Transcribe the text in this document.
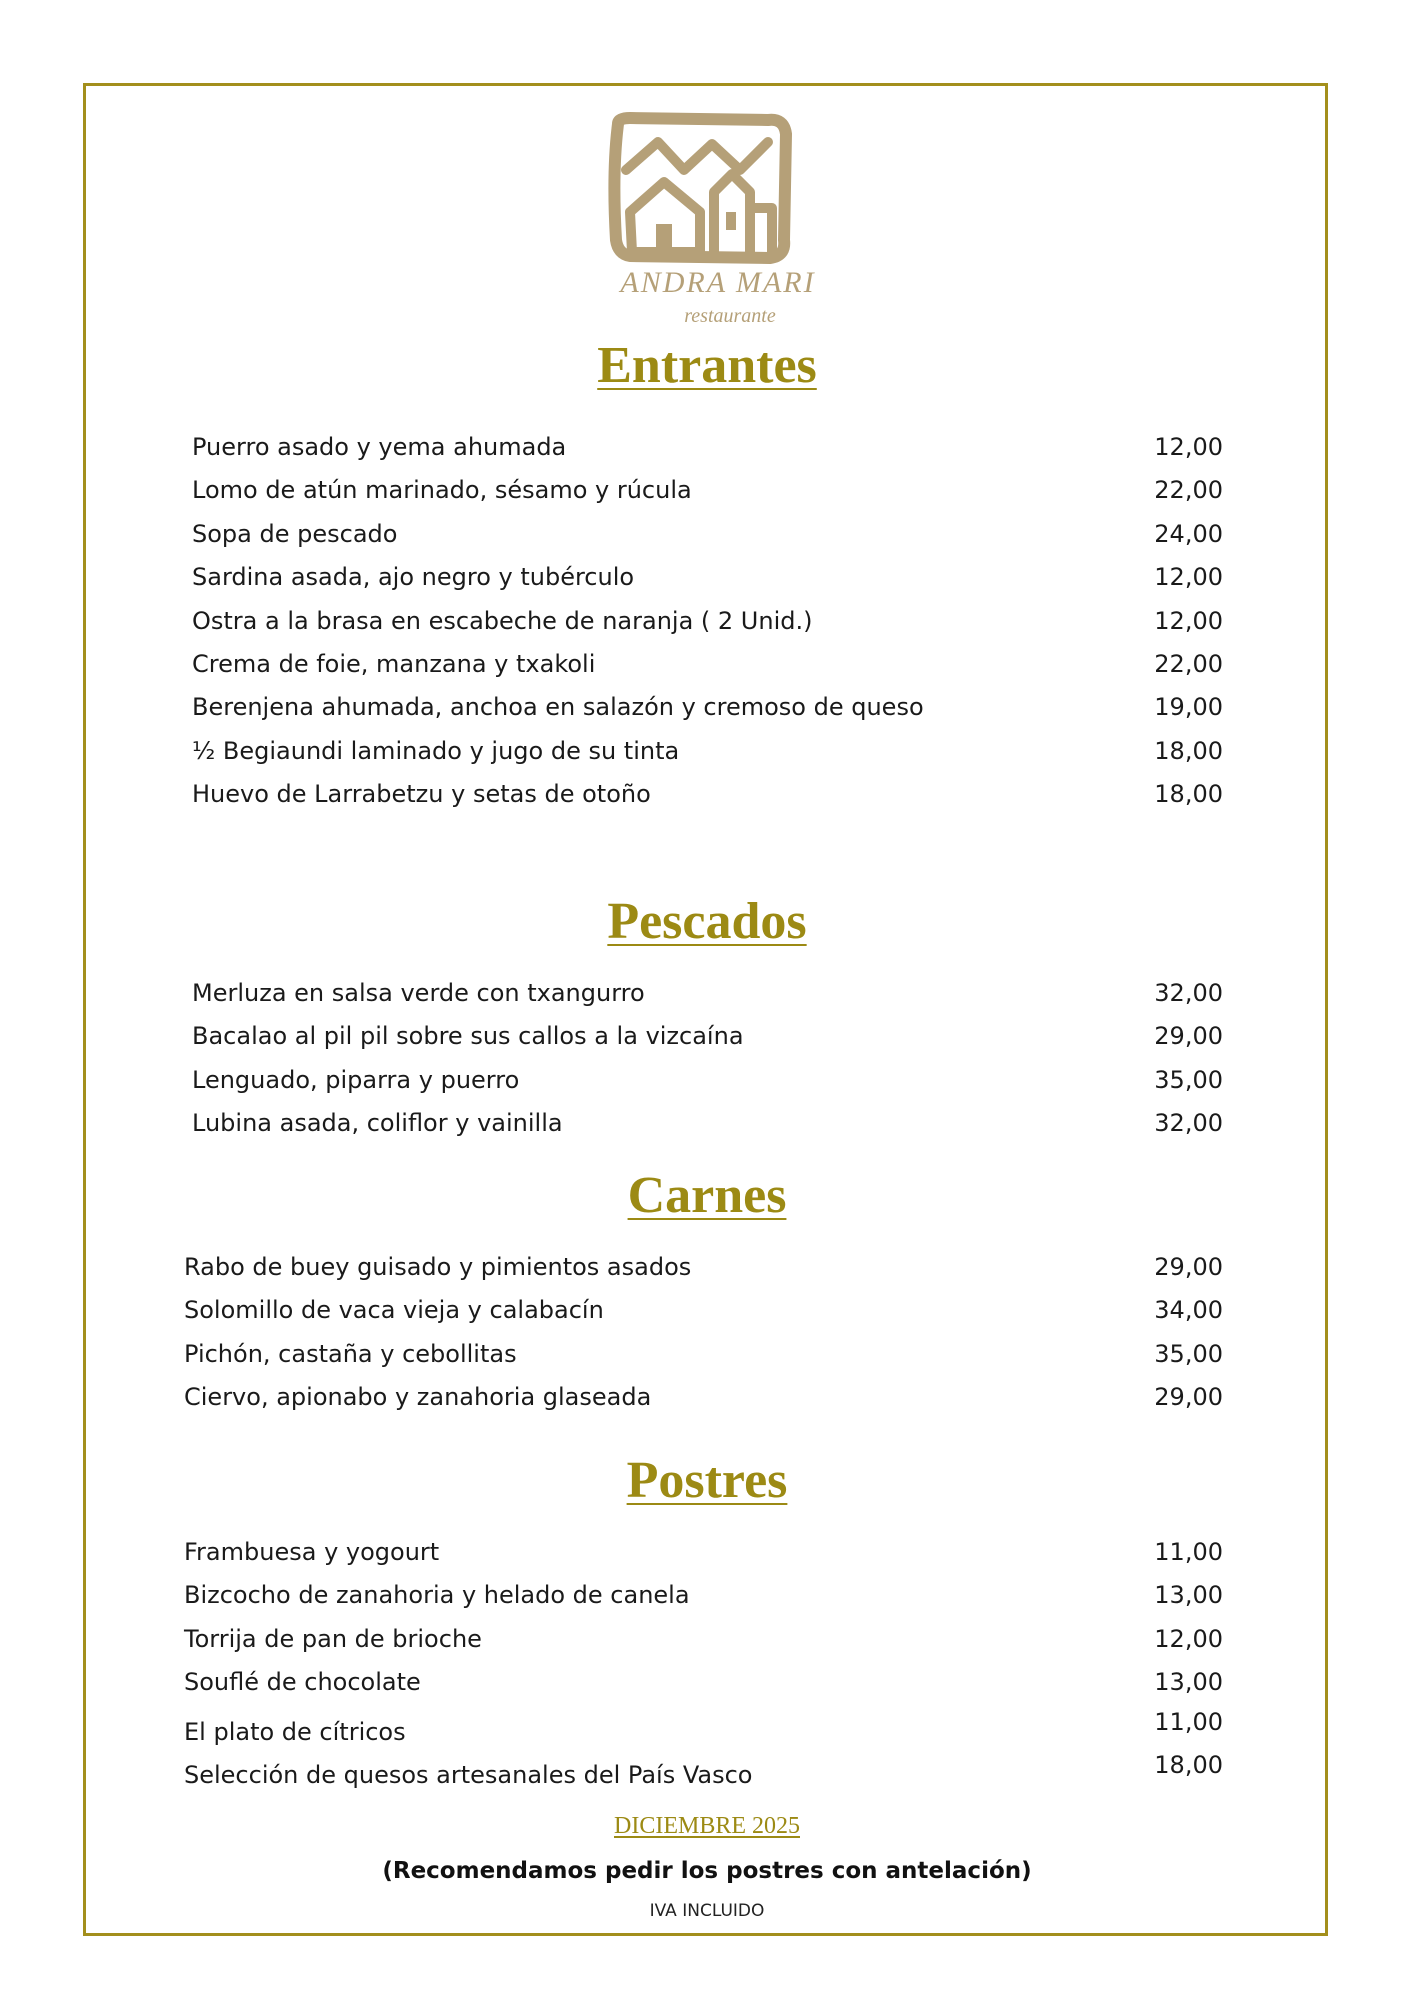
ANDRA MARI
restaurante
Entrantes
Puerro asado y yema ahumada	12,00
Lomo de atún marinado, sésamo y rúcula	22,00
Sopa de pescado	24,00
Sardina asada, ajo negro y tubérculo	12,00
Ostra a la brasa en escabeche de naranja ( 2 Unid.)	12,00
Crema de foie, manzana y txakoli	22,00
Berenjena ahumada, anchoa en salazón y cremoso de queso	19,00
½ Begiaundi laminado y jugo de su tinta	18,00
Huevo de Larrabetzu y setas de otoño	18,00
Pescados
Merluza en salsa verde con txangurro	32,00
Bacalao al pil pil sobre sus callos a la vizcaína	29,00
Lenguado, piparra y puerro	35,00
Lubina asada, coliflor y vainilla	32,00
Carnes
Rabo de buey guisado y pimientos asados	29,00
Solomillo de vaca vieja y calabacín	34,00
Pichón, castaña y cebollitas	35,00
Ciervo, apionabo y zanahoria glaseada	29,00
Postres
Frambuesa y yogourt	11,00
Bizcocho de zanahoria y helado de canela	13,00
Torrija de pan de brioche	12,00
Souflé de chocolate	13,00
El plato de cítricos	11,00
Selección de quesos artesanales del País Vasco	18,00
DICIEMBRE 2025
(Recomendamos pedir los postres con antelación)
IVA INCLUIDO
